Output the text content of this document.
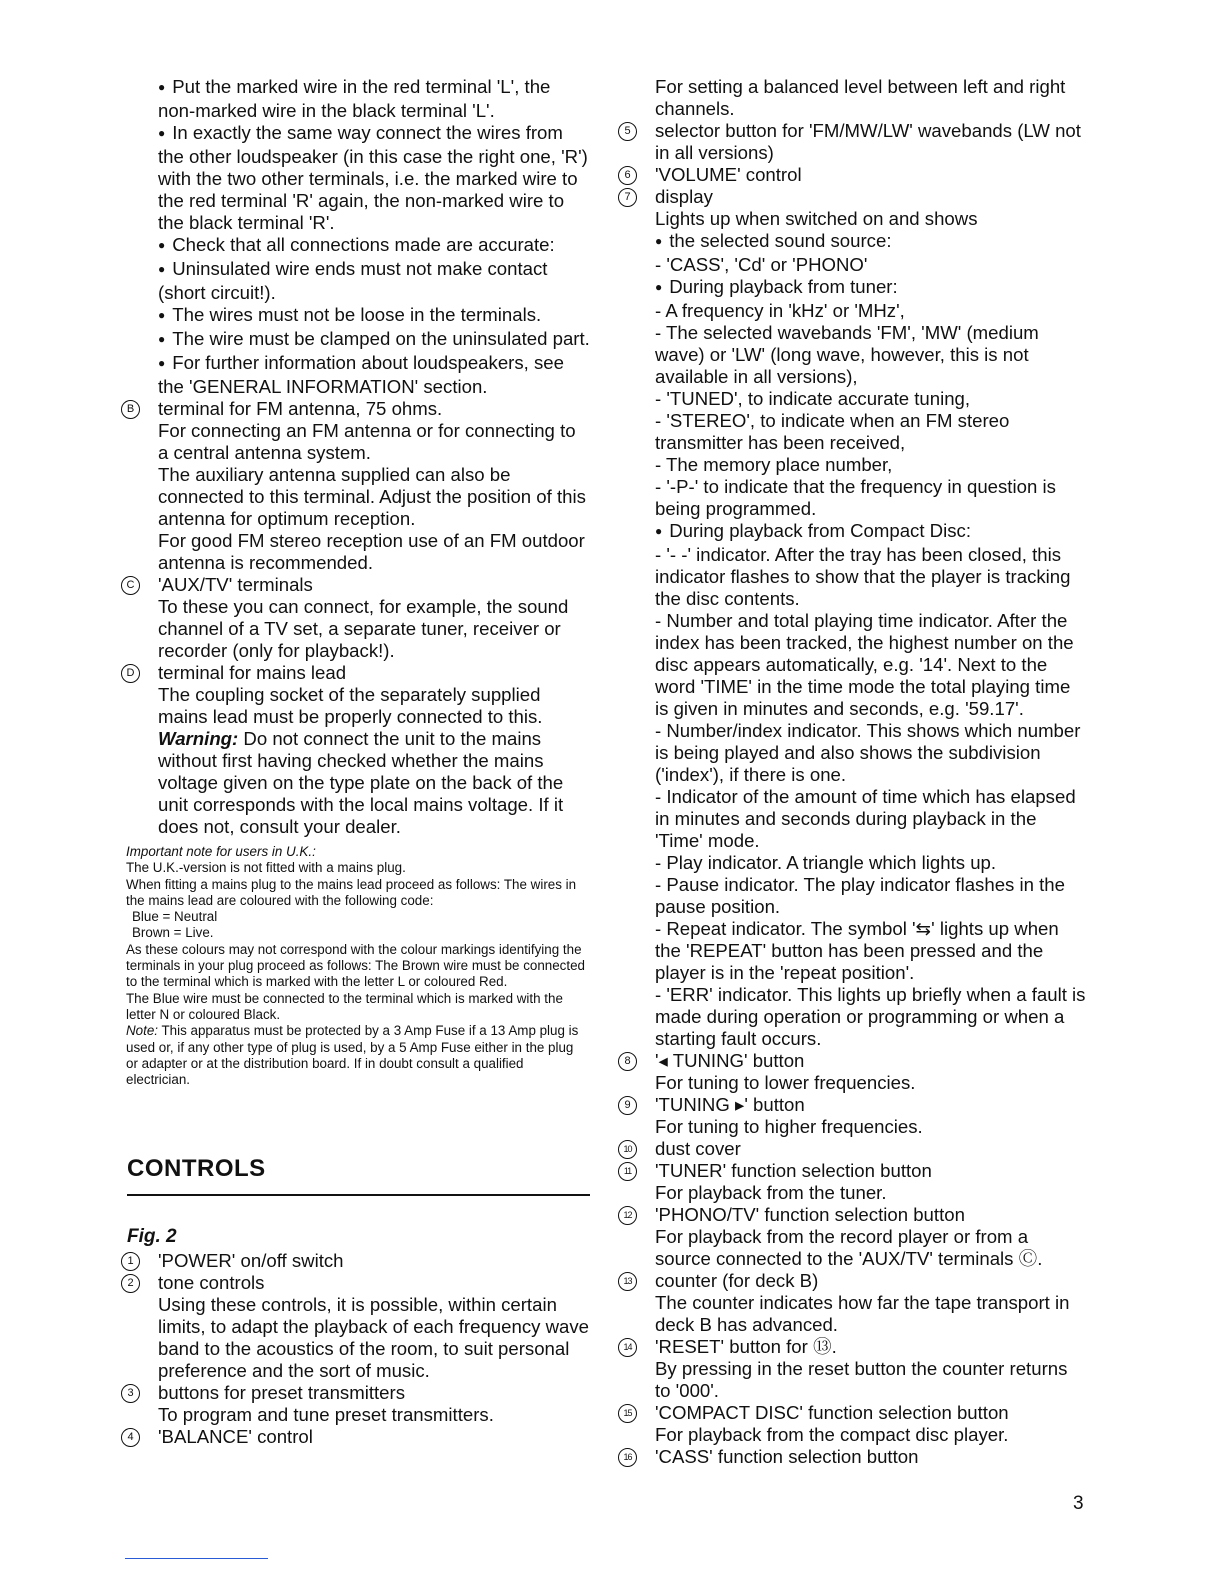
● Put the marked wire in the red terminal 'L', the non-marked wire in the black terminal 'L'.

● In exactly the same way connect the wires from the other loudspeaker (in this case the right one, 'R') with the two other terminals, i.e. the marked wire to the red terminal 'R' again, the non-marked wire to the black terminal 'R'.

● Check that all connections made are accurate:

● Uninsulated wire ends must not make contact (short circuit!).

● The wires must not be loose in the terminals.

● The wire must be clamped on the uninsulated part.

● For further information about loudspeakers, see the 'GENERAL INFORMATION' section.

B	terminal for FM antenna, 75 ohms.

For connecting an FM antenna or for connecting to a central antenna system.

The auxiliary antenna supplied can also be connected to this terminal. Adjust the position of this antenna for optimum reception.

For good FM stereo reception use of an FM outdoor antenna is recommended.

C 'AUX/TV' terminals

To these you can connect, for example, the sound channel of a TV set, a separate tuner, receiver or recorder (only for playback!).

D terminal for mains lead

The coupling socket of the separately supplied mains lead must be properly connected to this.

Warning: Do not connect the unit to the mains without first having checked whether the mains voltage given on the type plate on the back of the unit corresponds with the local mains voltage. If it does not, consult your dealer.

Important note for users in U.K.:

The U.K.-version is not fitted with a mains plug.

When fitting a mains plug to the mains lead proceed as follows: The wires in the mains lead are coloured with the following code:

Blue = Neutral

Brown = Live.

As these colours may not correspond with the colour markings identifying the terminals in your plug proceed as follows: The Brown wire must be connected to the terminal which is marked with the letter L or coloured Red.

The Blue wire must be connected to the terminal which is marked with the letter N or coloured Black.

Note: This apparatus must be protected by a 3 Amp Fuse if a 13 Amp plug is used or, if any other type of plug is used, by a 5 Amp Fuse either in the plug or adapter or at the distribution board. If in doubt consult a qualified electrician.

CONTROLS
Fig. 2

1	'POWER' on/off switch

2	tone controls

Using these controls, it is possible, within certain limits, to adapt the playback of each frequency wave band to the acoustics of the room, to suit personal preference and the sort of music.

3	buttons for preset transmitters

To program and tune preset transmitters.

4	'BALANCE' control

For setting a balanced level between left and right channels.

5	selector button for 'FM/MW/LW' wavebands (LW not in all versions)

6	'VOLUME' control

7	display

Lights up when switched on and shows

● the selected sound source:

- 'CASS', 'Cd' or 'PHONO'

● During playback from tuner:

- A frequency in 'kHz' or 'MHz',

- The selected wavebands 'FM', 'MW' (medium wave) or 'LW' (long wave, however, this is not available in all versions),

- 'TUNED', to indicate accurate tuning,

- 'STEREO', to indicate when an FM stereo transmitter has been received,

- The memory place number,

- '-P-' to indicate that the frequency in question is being programmed.

● During playback from Compact Disc:

- '- -' indicator. After the tray has been closed, this indicator flashes to show that the player is tracking the disc contents.

- Number and total playing time indicator. After the index has been tracked, the highest number on the disc appears automatically, e.g. '14'. Next to the word 'TIME' in the time mode the total playing time is given in minutes and seconds, e.g. '59.17'.

- Number/index indicator. This shows which number is being played and also shows the subdivision ('index'), if there is one.

- Indicator of the amount of time which has elapsed in minutes and seconds during playback in the 'Time' mode.

- Play indicator. A triangle which lights up.

- Pause indicator. The play indicator flashes in the pause position.

- Repeat indicator. The symbol '⇆' lights up when the 'REPEAT' button has been pressed and the player is in the 'repeat position'.

- 'ERR' indicator. This lights up briefly when a fault is made during operation or programming or when a starting fault occurs.

8	'◂ TUNING' button

For tuning to lower frequencies.

9	'TUNING ▸' button

For tuning to higher frequencies.

10 dust cover

11	'TUNER' function selection button

For playback from the tuner.

12 'PHONO/TV' function selection button

For playback from the record player or from a source connected to the 'AUX/TV' terminals Ⓒ.

13 counter (for deck B)

The counter indicates how far the tape transport in deck B has advanced.

14 'RESET' button for ⑬.

By pressing in the reset button the counter returns to '000'.

15 'COMPACT DISC' function selection button

For playback from the compact disc player.

16 'CASS' function selection button

3
